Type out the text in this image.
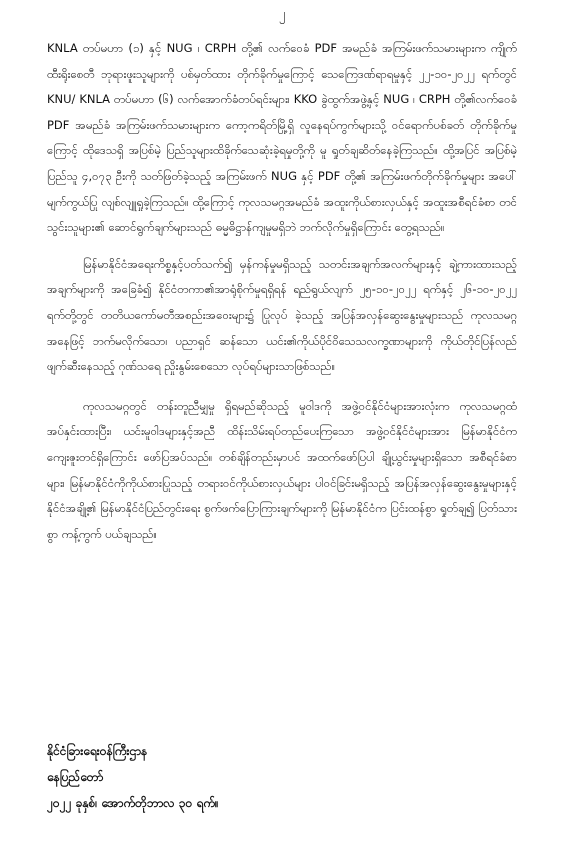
၂

KNLA တပ်မဟာ (၁) နှင့် NUG ၊ CRPH တို့၏ လက်ဝေခံ PDF အမည်ခံ အကြမ်းဖက်သမားများက ကျိုက်ထီးရိုးစေတီ ဘုရားဖူးသူများကို ပစ်မှတ်ထား တိုက်ခိုက်မှုကြောင့် သေကြေဒဏ်ရာရမှုနှင့် ၂၂-၁၀-၂၀၂၂ ရက်တွင် KNU/ KNLA တပ်မဟာ (၆) လက်အောက်ခံတပ်ရင်းများ၊ KKO ခွဲထွက်အဖွဲ့နှင့် NUG ၊ CRPH တို့၏လက်ဝေခံ PDF အမည်ခံ အကြမ်းဖက်သမားများက ကော့ကရိတ်မြို့ရှိ လူနေရပ်ကွက်များသို့ ဝင်ရောက်ပစ်ခတ် တိုက်ခိုက်မှုကြောင့် ထိုဒေသရှိ အပြစ်မဲ့ ပြည်သူများထိခိုက်သေဆုံးခဲ့ရမှုတို့ကို မူ ရှုတ်ချဆိတ်နေခဲ့ကြသည်။ ထို့အပြင် အပြစ်မဲ့ပြည်သူ ၄,၀၇၃ ဦးကို သတ်ဖြတ်ခဲ့သည့် အကြမ်းဖက် NUG နှင့် PDF တို့၏ အကြမ်းဖက်တိုက်ခိုက်မှုများ အပေါ်မျက်ကွယ်ပြု လျစ်လျူရှုခဲ့ကြသည်။ ထို့ကြောင့် ကုလသမဂ္ဂအမည်ခံ အထူးကိုယ်စားလှယ်နှင့် အထူးအစီရင်ခံစာ တင်သွင်းသူများ၏ ဆောင်ရွက်ချက်များသည် ဓမ္မဓိဋ္ဌာန်ကျမှုမရှိဘဲ ဘက်လိုက်မှုရှိကြောင်း တွေ့ရသည်။

မြန်မာနိုင်ငံအရေးကိစ္စနှင့်ပတ်သက်၍ မှန်ကန်မှုမရှိသည့် သတင်းအချက်အလက်များနှင့် ချဲ့ကားထားသည့် အချက်များကို အခြေခံ၍ နိုင်ငံတကာ၏အာရုံစိုက်မှုရရှိရန် ရည်ရွယ်လျက် ၂၅-၁၀-၂၀၂၂ ရက်နှင့် ၂၆-၁၀-၂၀၂၂ ရက်တို့တွင် တတိယကော်မတီအစည်းအဝေးများ၌ ပြုလုပ် ခဲ့သည့် အပြန်အလှန်ဆွေးနွေးမှုများသည် ကုလသမဂ္ဂအနေဖြင့် ဘက်မလိုက်သော၊ ပညာရှင် ဆန်သော ယင်း၏ကိုယ်ပိုင်ဝိသေသလက္ခဏာများကို ကိုယ်တိုင်ပြန်လည် ဖျက်ဆီးနေသည့် ဂုဏ်သရေ ညှိုးနွမ်းစေသော လုပ်ရပ်များသာဖြစ်သည်။

ကုလသမဂ္ဂတွင် တန်းတူညီမျှမှု ရှိရမည်ဆိုသည့် မူဝါဒကို အဖွဲ့ဝင်နိုင်ငံများအားလုံးက ကုလသမဂ္ဂထံ အပ်နှင်းထားပြီး၊ ယင်းမူဝါဒများနှင့်အညီ ထိန်းသိမ်းရပ်တည်ပေးကြသော အဖွဲ့ဝင်နိုင်ငံများအား မြန်မာနိုင်ငံက ကျေးဇူးတင်ရှိကြောင်း ဖော်ပြအပ်သည်။ တစ်ချိန်တည်းမှာပင် အထက်ဖော်ပြပါ ချို့ယွင်းမှုများရှိသော အစီရင်ခံစာများ၊ မြန်မာနိုင်ငံကိုကိုယ်စားပြုသည့် တရားဝင်ကိုယ်စားလှယ်များ ပါဝင်ခြင်းမရှိသည့် အပြန်အလှန်ဆွေးနွေးမှုများနှင့် နိုင်ငံအချို့၏ မြန်မာနိုင်ငံပြည်တွင်းရေး စွက်ဖက်ပြောကြားချက်များကို မြန်မာနိုင်ငံက ပြင်းထန်စွာ ရှုတ်ချ၍ ပြတ်သားစွာ ကန့်ကွက် ပယ်ချသည်။

နိုင်ငံခြားရေးဝန်ကြီးဌာန

နေပြည်တော်

၂၀၂၂ ခုနှစ်၊ အောက်တိုဘာလ ၃၀ ရက်။
